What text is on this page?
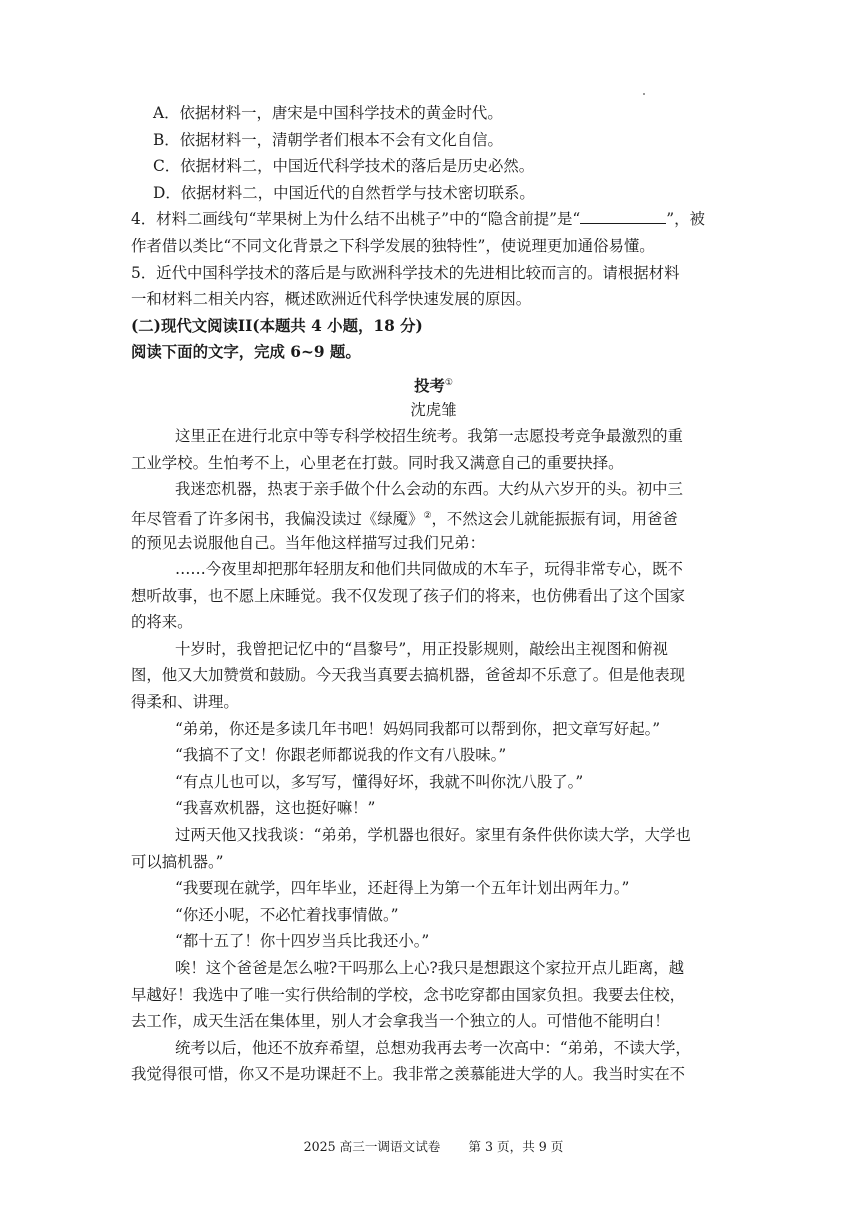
A．依据材料一，唐宋是中国科学技术的黄金时代。
B．依据材料一，清朝学者们根本不会有文化自信。
C．依据材料二，中国近代科学技术的落后是历史必然。
D．依据材料二，中国近代的自然哲学与技术密切联系。
4．材料二画线句“苹果树上为什么结不出桃子”中的“隐含前提”是“	”，被
作者借以类比“不同文化背景之下科学发展的独特性”，使说理更加通俗易懂。
5．近代中国科学技术的落后是与欧洲科学技术的先进相比较而言的。请根据材料
一和材料二相关内容，概述欧洲近代科学快速发展的原因。
(二)现代文阅读II(本题共 4 小题，18 分)
阅读下面的文字，完成 6~9 题。
投考①
沈虎雏
这里正在进行北京中等专科学校招生统考。我第一志愿投考竞争最激烈的重
工业学校。生怕考不上，心里老在打鼓。同时我又满意自己的重要抉择。
我迷恋机器，热衷于亲手做个什么会动的东西。大约从六岁开的头。初中三
年尽管看了许多闲书，我偏没读过《绿魇》②，不然这会儿就能振振有词，用爸爸
的预见去说服他自己。当年他这样描写过我们兄弟：
……今夜里却把那年轻朋友和他们共同做成的木车子，玩得非常专心，既不
想听故事，也不愿上床睡觉。我不仅发现了孩子们的将来，也仿佛看出了这个国家
的将来。
十岁时，我曾把记忆中的“昌黎号”，用正投影规则，敲绘出主视图和俯视
图，他又大加赞赏和鼓励。今天我当真要去搞机器，爸爸却不乐意了。但是他表现
得柔和、讲理。
“弟弟，你还是多读几年书吧！妈妈同我都可以帮到你，把文章写好起。”
“我搞不了文！你跟老师都说我的作文有八股味。”
“有点儿也可以，多写写，懂得好坏，我就不叫你沈八股了。”
“我喜欢机器，这也挺好嘛！”
过两天他又找我谈：“弟弟，学机器也很好。家里有条件供你读大学，大学也
可以搞机器。”
“我要现在就学，四年毕业，还赶得上为第一个五年计划出两年力。”
“你还小呢，不必忙着找事情做。”
“都十五了！你十四岁当兵比我还小。”
唉！这个爸爸是怎么啦?干吗那么上心?我只是想跟这个家拉开点儿距离，越
早越好！我选中了唯一实行供给制的学校，念书吃穿都由国家负担。我要去住校，
去工作，成天生活在集体里，别人才会拿我当一个独立的人。可惜他不能明白！
统考以后，他还不放弃希望，总想劝我再去考一次高中：“弟弟，不读大学，
我觉得很可惜，你又不是功课赶不上。我非常之羡慕能进大学的人。我当时实在不
2025 高三一调语文试卷 第 3 页，共 9 页
